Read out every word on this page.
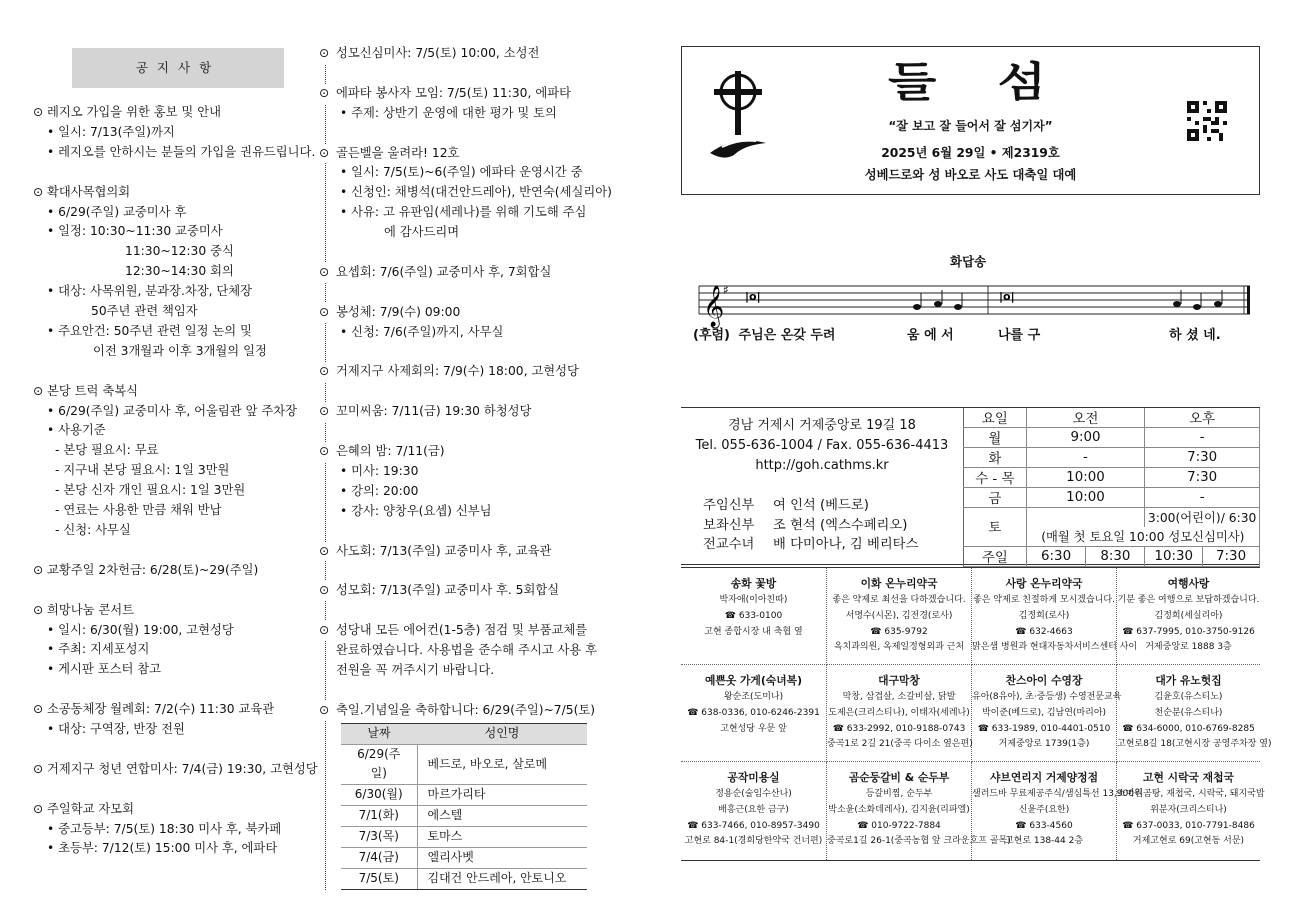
공지사항
⊙ 레지오 가입을 위한 홍보 및 안내
• 일시: 7/13(주일)까지
• 레지오를 안하시는 분들의 가입을 권유드립니다.
⊙ 확대사목협의회
• 6/29(주일) 교중미사 후
• 일정: 10:30~11:30 교중미사
11:30~12:30 중식
12:30~14:30 회의
• 대상: 사목위원, 분과장.차장, 단체장
50주년 관련 책임자
• 주요안건: 50주년 관련 일정 논의 및
이전 3개월과 이후 3개월의 일정
⊙ 본당 트럭 축복식
• 6/29(주일) 교중미사 후, 어울림관 앞 주차장
• 사용기준
- 본당 필요시: 무료
- 지구내 본당 필요시: 1일 3만원
- 본당 신자 개인 필요시: 1일 3만원
- 연료는 사용한 만큼 채워 반납
- 신청: 사무실
⊙ 교황주일 2차헌금: 6/28(토)~29(주일)
⊙ 희망나눔 콘서트
• 일시: 6/30(월) 19:00, 고현성당
• 주최: 지세포성지
• 게시판 포스터 참고
⊙ 소공동체장 월례회: 7/2(수) 11:30 교육관
• 대상: 구역장, 반장 전원
⊙ 거제지구 청년 연합미사: 7/4(금) 19:30, 고현성당
⊙ 주일학교 자모회
• 중고등부: 7/5(토) 18:30 미사 후, 북카페
• 초등부: 7/12(토) 15:00 미사 후, 에파타
⊙ 성모신심미사: 7/5(토) 10:00, 소성전
⊙ 에파타 봉사자 모임: 7/5(토) 11:30, 에파타
• 주제: 상반기 운영에 대한 평가 및 토의
⊙ 골든벨을 울려라! 12호
• 일시: 7/5(토)~6(주일) 에파타 운영시간 중
• 신청인: 채병석(대건안드레아), 반연숙(세실리아)
• 사유: 고 유판임(세레나)를 위해 기도해 주심
에 감사드리며
⊙ 요셉회: 7/6(주일) 교중미사 후, 7회합실
⊙ 봉성체: 7/9(수) 09:00
• 신청: 7/6(주일)까지, 사무실
⊙ 거제지구 사제회의: 7/9(수) 18:00, 고현성당
⊙ 꼬미씨움: 7/11(금) 19:30 하청성당
⊙ 은혜의 밤: 7/11(금)
• 미사: 19:30
• 강의: 20:00
• 강사: 양창우(요셉) 신부님
⊙ 사도회: 7/13(주일) 교중미사 후, 교육관
⊙ 성모회: 7/13(주일) 교중미사 후. 5회합실
⊙ 성당내 모든 에어컨(1-5층) 점검 및 부품교체를
완료하였습니다. 사용법을 준수해 주시고 사용 후
전원을 꼭 꺼주시기 바랍니다.
⊙ 축일.기념일을 축하합니다: 6/29(주일)~7/5(토)
날짜	성인명
6/29(주일)	베드로, 바오로, 살로메
6/30(월)	마르가리타
7/1(화)	에스텔
7/3(목)	토마스
7/4(금)	엘리사벳
7/5(토)	김대건 안드레아, 안토니오
들 섬
“잘 보고 잘 들어서 잘 섬기자”
2025년 6월 29일 • 제2319호
성베드로와 성 바오로 사도 대축일 대예
화답송
𝄞
♯ |o|	|o|
(후렴) 주님은 온갖 두려	움 에 서	나를 구	하 셨 네.
경남 거제시 거제중앙로 19길 18
Tel. 055-636-1004 / Fax. 055-636-4413
http://goh.cathms.kr
주임신부 여 인석 (베드로)
보좌신부 조 현석 (엑스수페리오)
전교수녀 배 다미아나, 김 베리타스
요일	오전		오후	
월	9:00		-	
화	-		7:30	
수 - 목	10:00		7:30	
금	10:00		-	
토			3:00(어린이)/ 6:30	
	(매월 첫 토요일 10:00 성모신심미사)			
주일	6:30	8:30	10:30	7:30
송화 꽃방
박자애(이아친따)
☎ 633-0100
고현 종합시장 내 축협 옆
이화 온누리약국
좋은 약제로 최선을 다하겠습니다.
서명수(시몬), 김전경(로사)
☎ 635-9792
옥치과의원, 옥제일정형외과 근처
사랑 온누리약국
좋은 약제로 친절하게 모시겠습니다.
김정희(로사)
☎ 632-4663
맑은샘 병원과 현대자동차서비스센터 사이
여행사랑
기분 좋은 여행으로 보답하겠습니다.
김정희(세실리아)
☎ 637-7995, 010-3750-9126
거제중앙로 1888 3층
예쁜옷 가게(숙녀복)
왕순조(도미나)
☎ 638-0336, 010-6246-2391
고현성당 우문 앞
대구막창
막창, 삼겹살, 소갈비살, 닭발
도제은(크리스티나), 이태자(세레나)
☎ 633-2992, 010-9188-0743
중곡1로 2길 21(중곡 다이소 옆은편)
찬스아이 수영장
유아(8유아), 초·중등생) 수영전문교육
박이준(베드로), 김남연(마리아)
☎ 633-1989, 010-4401-0510
거제중앙로 1739(1층)
대가 유노헛집
김윤호(유스티노)
천순분(유스티나)
☎ 634-6000, 010-6769-8285
고현로8길 18(고현시장 공영주차장 옆)
공작미용실
정용순(술임수산나)
배흥근(요한 금구)
☎ 633-7466, 010-8957-3490
고현로 84-1(경희당한약국 건너편)
곰순둥갈비 & 순두부
등갈비찜, 순두부
박소윤(소화데레사), 김지윤(리파엘)
☎ 010-9722-7884
중곡로1길 26-1(중곡농협 앞 크라운호프 골목)
샤브연리지 거제양정점
샐러드바 무료제공주식/샘심특선 13,900원
신윤주(요한)
☎ 633-4560
고현로 138-44 2층
고현 시락국 재첩국
소머리곰탕, 재첩국, 시락국, 돼지국밥
위분자(크리스티나)
☎ 637-0033, 010-7791-8486
거제고현로 69(고현동 서문)
